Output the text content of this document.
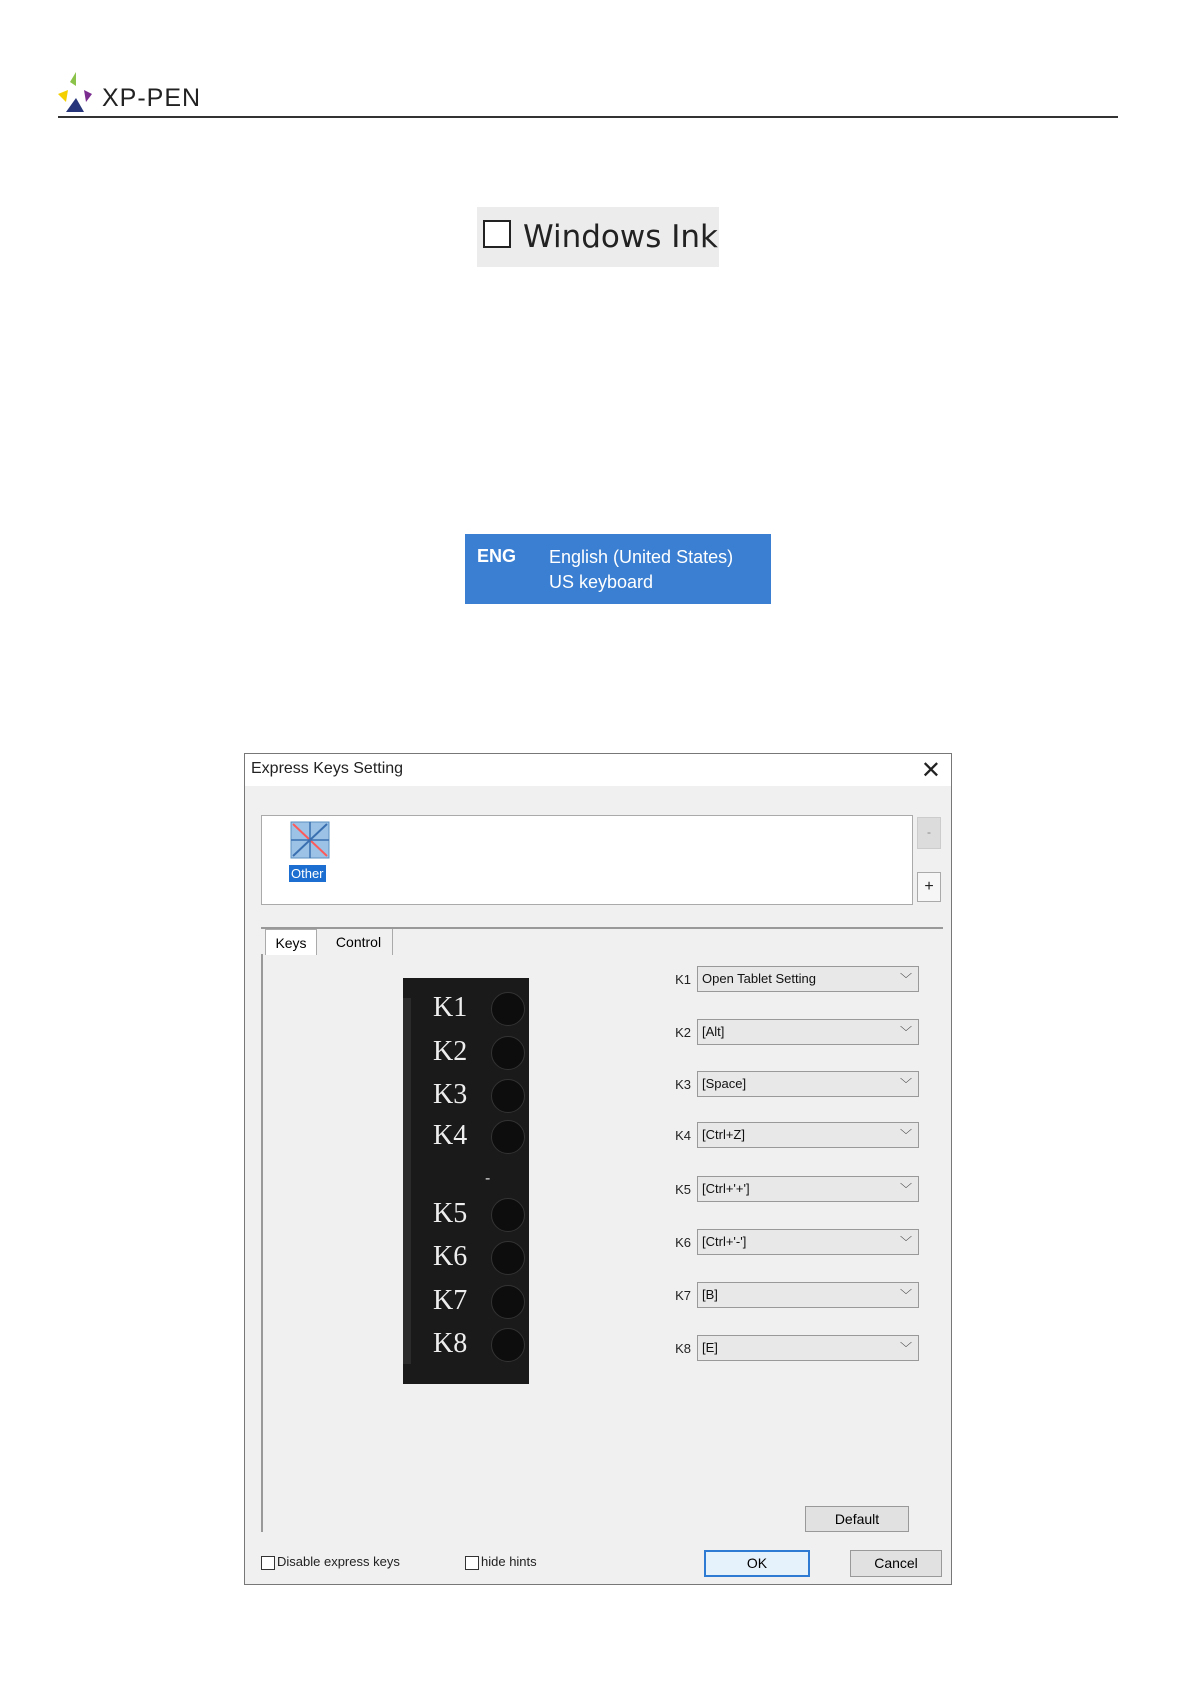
XP-PEN
Windows Ink
ENG English (United States)
US keyboard
Express Keys Setting	✕
Other
-
+
Keys	Control
K1
K2
K3
K4
-
K5
K6
K7
K8
K1 Open Tablet Setting	﹀
K2 [Alt]	﹀
K3 [Space]	﹀
K4 [Ctrl+Z]	﹀
K5 [Ctrl+'+']	﹀
K6 [Ctrl+'-']	﹀
K7 [B]	﹀
K8 [E]	﹀
Default
Disable express keys	hide hints	OK	Cancel
